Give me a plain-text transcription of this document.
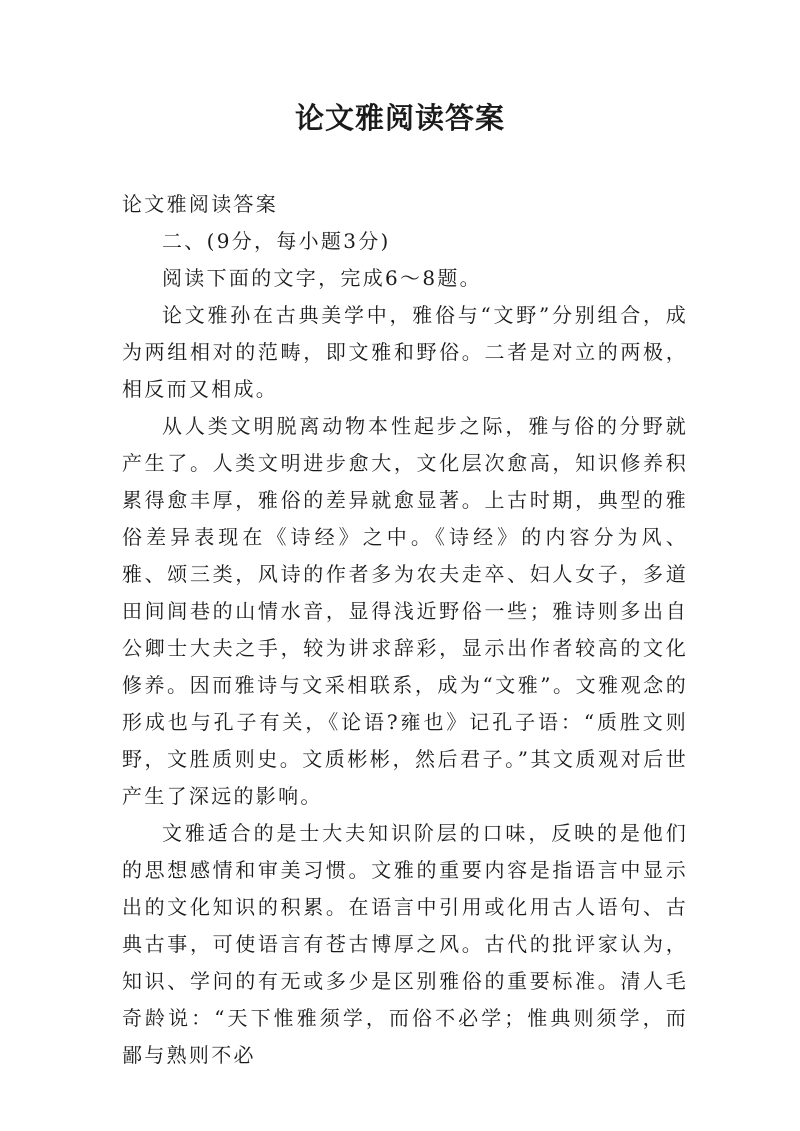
论文雅阅读答案

论文雅阅读答案

二、(9分，每小题3分)

阅读下面的文字，完成6～8题。

论文雅孙在古典美学中，雅俗与“文野”分别组合，成为两组相对的范畴，即文雅和野俗。二者是对立的两极，相反而又相成。

从人类文明脱离动物本性起步之际，雅与俗的分野就产生了。人类文明进步愈大，文化层次愈高，知识修养积累得愈丰厚，雅俗的差异就愈显著。上古时期，典型的雅俗差异表现在《诗经》之中。《诗经》的内容分为风、雅、颂三类，风诗的作者多为农夫走卒、妇人女子，多道田间闾巷的山情水音，显得浅近野俗一些；雅诗则多出自公卿士大夫之手，较为讲求辞彩，显示出作者较高的文化修养。因而雅诗与文采相联系，成为“文雅”。文雅观念的形成也与孔子有关，《论语?雍也》记孔子语：“质胜文则野，文胜质则史。文质彬彬，然后君子。”其文质观对后世产生了深远的影响。

文雅适合的是士大夫知识阶层的口味，反映的是他们的思想感情和审美习惯。文雅的重要内容是指语言中显示出的文化知识的积累。在语言中引用或化用古人语句、古典古事，可使语言有苍古博厚之风。古代的批评家认为，知识、学问的有无或多少是区别雅俗的重要标准。清人毛奇龄说：“天下惟雅须学，而俗不必学；惟典则须学，而鄙与熟则不必
